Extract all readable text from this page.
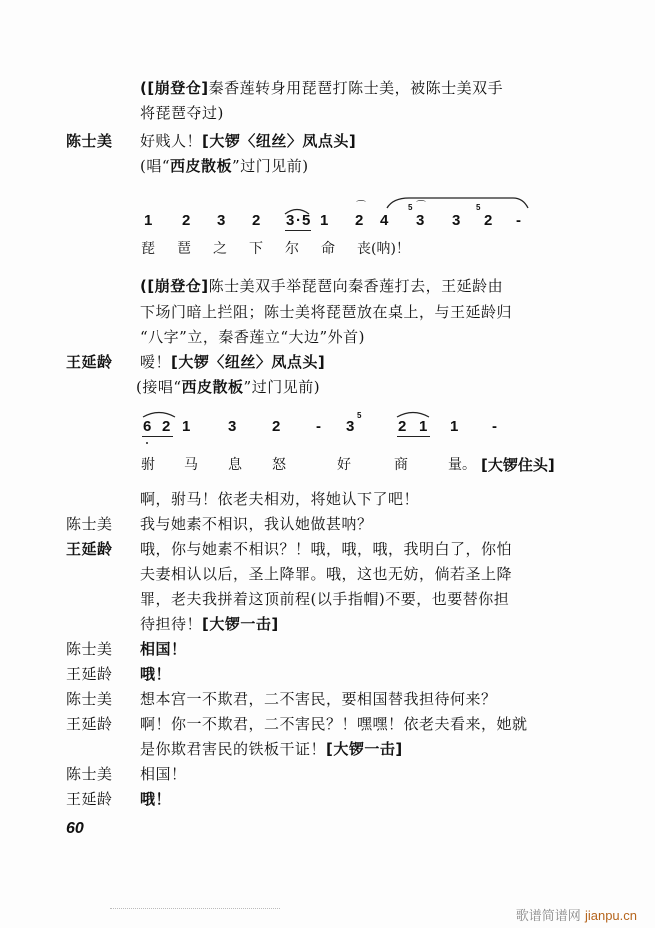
([崩登仓]秦香莲转身用琵琶打陈士美，被陈士美双手
将琵琶夺过)
陈士美 好贱人！[大锣〈纽丝〉凤点头]
(唱“西皮散板”过门见前)
1 2 3 2 3 · 5 1
⌒
2 4
5 ⌒
3 3
5
2 -
琵 琶 之 下 尔 命 丧(呐)！
([崩登仓]陈士美双手举琵琶向秦香莲打去，王延龄由
下场门暗上拦阻；陈士美将琵琶放在桌上，与王延龄归
“八字”立，秦香莲立“大边”外首)
王延龄 嗳！[大锣〈纽丝〉凤点头]
(接唱“西皮散板”过门见前)
6 2 1	3 2 - 3
5
2 1 1 -
驸 马 息 怒	好	商	量。 [大锣住头]
啊，驸马！依老夫相劝，将她认下了吧！
陈士美 我与她素不相识，我认她做甚呐？
王延龄 哦，你与她素不相识？！哦，哦，哦，我明白了，你怕
夫妻相认以后，圣上降罪。哦，这也无妨，倘若圣上降
罪，老夫我拼着这顶前程(以手指帽)不要，也要替你担
待担待！[大锣一击]
陈士美 相国！
王延龄 哦！
陈士美 想本宫一不欺君，二不害民，要相国替我担待何来？
王延龄 啊！你一不欺君，二不害民？！嘿嘿！依老夫看来，她就
是你欺君害民的铁板干证！[大锣一击]
陈士美 相国！
王延龄 哦！
60
歌谱简谱网 jianpu.cn
